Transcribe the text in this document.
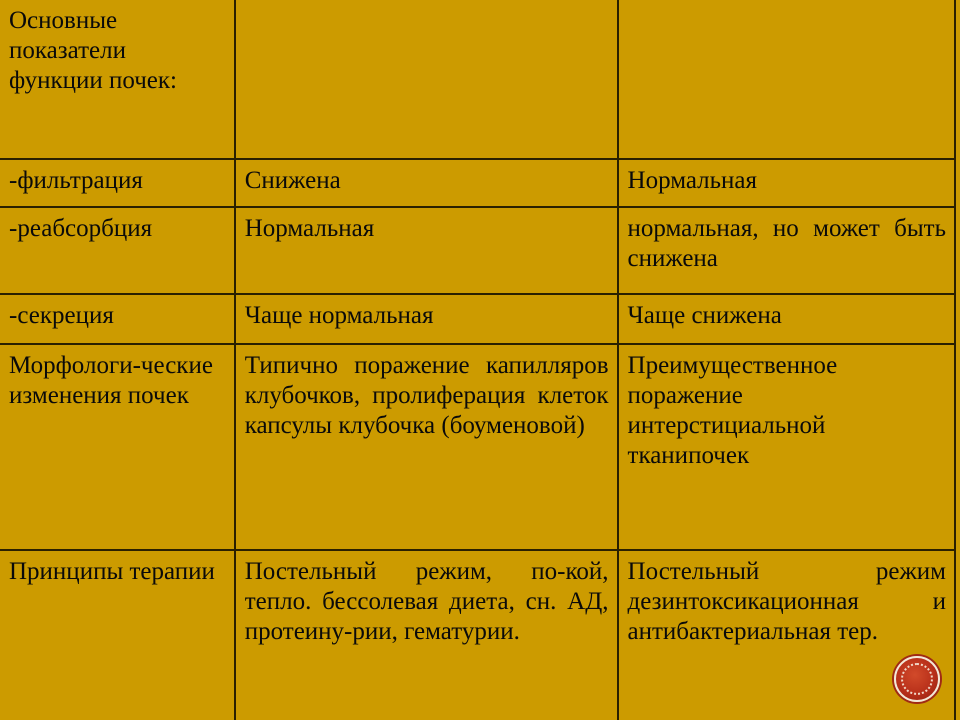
Основные показатели функции почек:		
-фильтрация	Снижена	Нормальная
-реабсорбция	Нормальная	нормальная, но может быть снижена
-секреция	Чаще нормальная	Чаще снижена
Морфологи-ческие изменения почек	Типично поражение капилляров клубочков, пролиферация клеток капсулы клубочка (боуменовой)	Преимущественное поражение интерстициальной тканипочек
Принципы терапии	Постельный режим, по-кой, тепло. бессолевая диета, сн. АД, протеину-рии, гематурии.	Постельный режим дезинтоксикационная и антибактериальная тер.
